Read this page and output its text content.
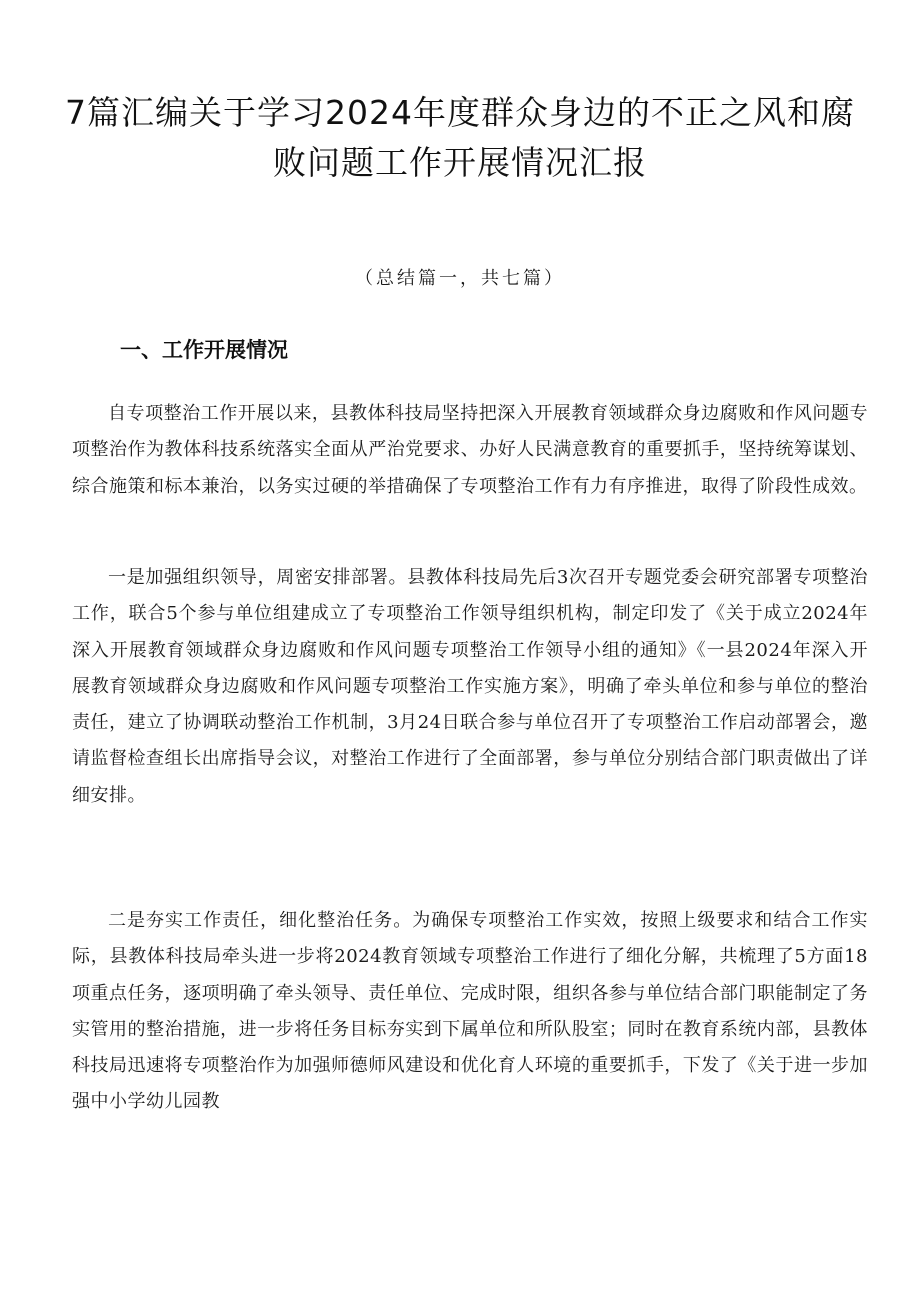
7篇汇编关于学习2024年度群众身边的不正之风和腐败问题工作开展情况汇报
（总结篇一，共七篇）
一、工作开展情况

自专项整治工作开展以来，县教体科技局坚持把深入开展教育领域群众身边腐败和作风问题专项整治作为教体科技系统落实全面从严治党要求、办好人民满意教育的重要抓手，坚持统筹谋划、综合施策和标本兼治，以务实过硬的举措确保了专项整治工作有力有序推进，取得了阶段性成效。

一是加强组织领导，周密安排部署。县教体科技局先后3次召开专题党委会研究部署专项整治工作，联合5个参与单位组建成立了专项整治工作领导组织机构，制定印发了《关于成立2024年深入开展教育领域群众身边腐败和作风问题专项整治工作领导小组的通知》《一县2024年深入开展教育领域群众身边腐败和作风问题专项整治工作实施方案》，明确了牵头单位和参与单位的整治责任，建立了协调联动整治工作机制，3月24日联合参与单位召开了专项整治工作启动部署会，邀请监督检查组长出席指导会议，对整治工作进行了全面部署，参与单位分别结合部门职责做出了详细安排。

二是夯实工作责任，细化整治任务。为确保专项整治工作实效，按照上级要求和结合工作实际，县教体科技局牵头进一步将2024教育领域专项整治工作进行了细化分解，共梳理了5方面18项重点任务，逐项明确了牵头领导、责任单位、完成时限，组织各参与单位结合部门职能制定了务实管用的整治措施，进一步将任务目标夯实到下属单位和所队股室；同时在教育系统内部，县教体科技局迅速将专项整治作为加强师德师风建设和优化育人环境的重要抓手，下发了《关于进一步加强中小学幼儿园教
